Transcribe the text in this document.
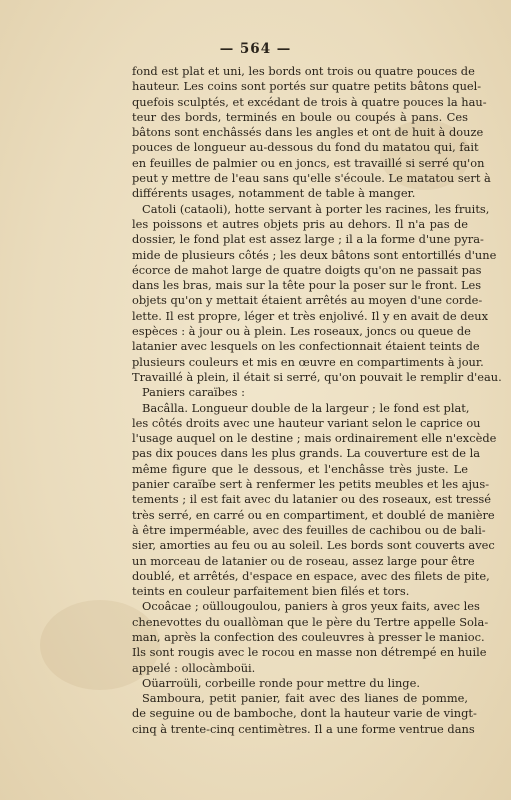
— 564 —
fond est plat et uni, les bords ont trois ou quatre pouces de
hauteur. Les coins sont portés sur quatre petits bâtons quel-
quefois sculptés, et excédant de trois à quatre pouces la hau-
teur des bords, terminés en boule ou coupés à pans. Ces
bâtons sont enchâssés dans les angles et ont de huit à douze
pouces de longueur au-dessous du fond du matatou qui, fait
en feuilles de palmier ou en joncs, est travaillé si serré qu'on
peut y mettre de l'eau sans qu'elle s'écoule. Le matatou sert à
différents usages, notamment de table à manger.
Catoli (cataoli), hotte servant à porter les racines, les fruits,
les poissons et autres objets pris au dehors. Il n'a pas de
dossier, le fond plat est assez large ; il a la forme d'une pyra-
mide de plusieurs côtés ; les deux bâtons sont entortillés d'une
écorce de mahot large de quatre doigts qu'on ne passait pas
dans les bras, mais sur la tête pour la poser sur le front. Les
objets qu'on y mettait étaient arrêtés au moyen d'une corde-
lette. Il est propre, léger et très enjolivé. Il y en avait de deux
espèces : à jour ou à plein. Les roseaux, joncs ou queue de
latanier avec lesquels on les confectionnait étaient teints de
plusieurs couleurs et mis en œuvre en compartiments à jour.
Travaillé à plein, il était si serré, qu'on pouvait le remplir d'eau.
Paniers caraïbes :
Bacâlla. Longueur double de la largeur ; le fond est plat,
les côtés droits avec une hauteur variant selon le caprice ou
l'usage auquel on le destine ; mais ordinairement elle n'excède
pas dix pouces dans les plus grands. La couverture est de la
même figure que le dessous, et l'enchâsse très juste. Le
panier caraïbe sert à renfermer les petits meubles et les ajus-
tements ; il est fait avec du latanier ou des roseaux, est tressé
très serré, en carré ou en compartiment, et doublé de manière
à être imperméable, avec des feuilles de cachibou ou de bali-
sier, amorties au feu ou au soleil. Les bords sont couverts avec
un morceau de latanier ou de roseau, assez large pour être
doublé, et arrêtés, d'espace en espace, avec des filets de pite,
teints en couleur parfaitement bien filés et tors.
Ocoâcae ; oüllougoulou, paniers à gros yeux faits, avec les
chenevottes du ouallòman que le père du Tertre appelle Sola-
man, après la confection des couleuvres à presser le manioc.
Ils sont rougis avec le rocou en masse non détrempé en huile
appelé : ollocàmboüi.
Oüarroüli, corbeille ronde pour mettre du linge.
Samboura, petit panier, fait avec des lianes de pomme,
de seguine ou de bamboche, dont la hauteur varie de vingt-
cinq à trente-cinq centimètres. Il a une forme ventrue dans
